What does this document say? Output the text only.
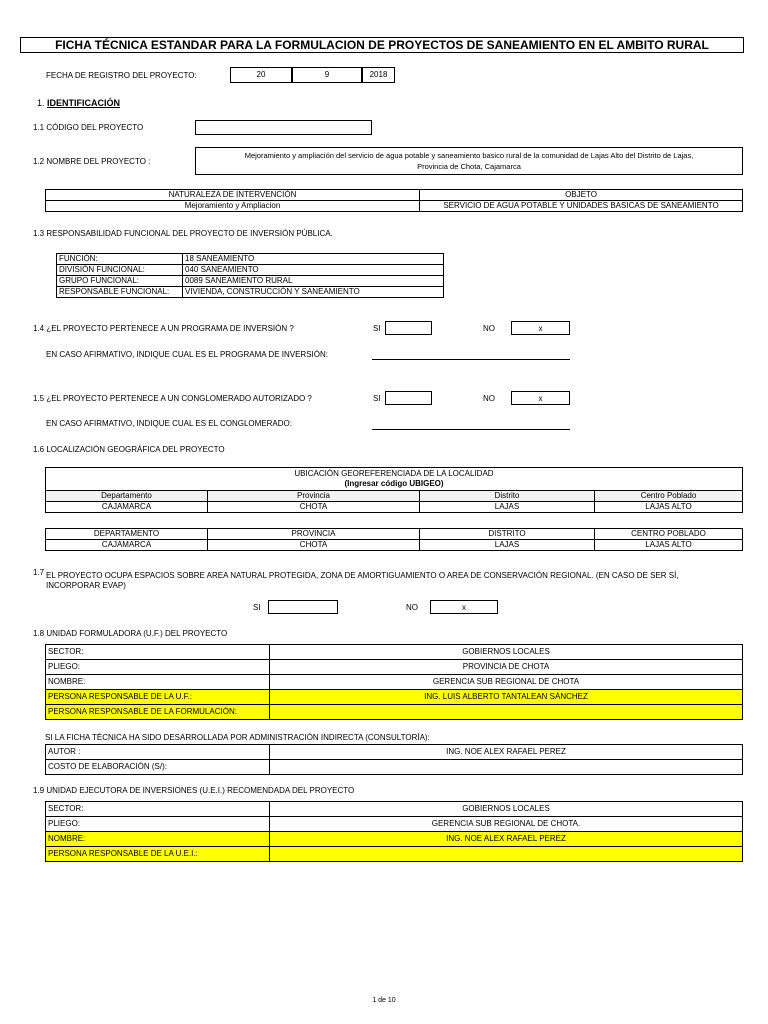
FICHA TÉCNICA ESTANDAR PARA LA FORMULACION DE PROYECTOS DE SANEAMIENTO EN EL AMBITO RURAL
FECHA DE REGISTRO DEL PROYECTO:	20	9	2018
1. IDENTIFICACIÓN
1.1 CÓDIGO DEL PROYECTO
1.2 NOMBRE DEL PROYECTO :
Mejoramiento y ampliación del servicio de agua potable y saneamiento basico rural de la comunidad de Lajas Alto del Distrito de Lajas,
Provincia de Chota, Cajamarca
NATURALEZA DE INTERVENCIÓN	OBJETO
Mejoramiento y Ampliacion	SERVICIO DE AGUA POTABLE Y UNIDADES BASICAS DE SANEAMIENTO
1.3 RESPONSABILIDAD FUNCIONAL DEL PROYECTO DE INVERSIÓN PÚBLICA.
FUNCIÓN:	18 SANEAMIENTO
DIVISIÓN FUNCIONAL:	040 SANEAMIENTO
GRUPO FUNCIONAL:	0089 SANEAMIENTO RURAL
RESPONSABLE FUNCIONAL:	VIVIENDA, CONSTRUCCIÓN Y SANEAMIENTO
1.4 ¿EL PROYECTO PERTENECE A UN PROGRAMA DE INVERSIÓN ?	SI	NO	x
EN CASO AFIRMATIVO, INDIQUE CUAL ES EL PROGRAMA DE INVERSIÓN:
1.5 ¿EL PROYECTO PERTENECE A UN CONGLOMERADO AUTORIZADO ?	SI	NO	x
EN CASO AFIRMATIVO, INDIQUE CUAL ES EL CONGLOMERADO:
1.6 LOCALIZACIÓN GEOGRÁFICA DEL PROYECTO
UBICACIÓN GEOREFERENCIADA DE LA LOCALIDAD
(Ingresar código UBIGEO)			

Departamento	Provincia	Distrito	Centro Poblado
CAJAMARCA	CHOTA	LAJAS	LAJAS ALTO
DEPARTAMENTO	PROVINCIA	DISTRITO	CENTRO POBLADO
CAJAMARCA	CHOTA	LAJAS	LAJAS ALTO
1.7 EL PROYECTO OCUPA ESPACIOS SOBRE AREA NATURAL PROTEGIDA, ZONA DE AMORTIGUAMIENTO O AREA DE CONSERVACIÓN REGIONAL. (EN CASO DE SER SÍ,
INCORPORAR EVAP)
SI	NO	x
1.8 UNIDAD FORMULADORA (U.F.) DEL PROYECTO
SECTOR:	GOBIERNOS LOCALES
PLIEGO:	PROVINCIA DE CHOTA
NOMBRE:	GERENCIA SUB REGIONAL DE CHOTA
PERSONA RESPONSABLE DE LA U.F.:	ING. LUIS ALBERTO TANTALEAN SÁNCHEZ
PERSONA RESPONSABLE DE LA FORMULACIÓN:	
SI LA FICHA TÉCNICA HA SIDO DESARROLLADA POR ADMINISTRACIÓN INDIRECTA (CONSULTORÍA):
AUTOR :	ING. NOE ALEX RAFAEL PEREZ
COSTO DE ELABORACIÓN (S/):	
1.9 UNIDAD EJECUTORA DE INVERSIONES (U.E.I.) RECOMENDADA DEL PROYECTO
SECTOR:	GOBIERNOS LOCALES
PLIEGO:	GERENCIA SUB REGIONAL DE CHOTA.
NOMBRE:	ING. NOE ALEX RAFAEL PEREZ
PERSONA RESPONSABLE DE LA U.E.I.:	
1 de 10
